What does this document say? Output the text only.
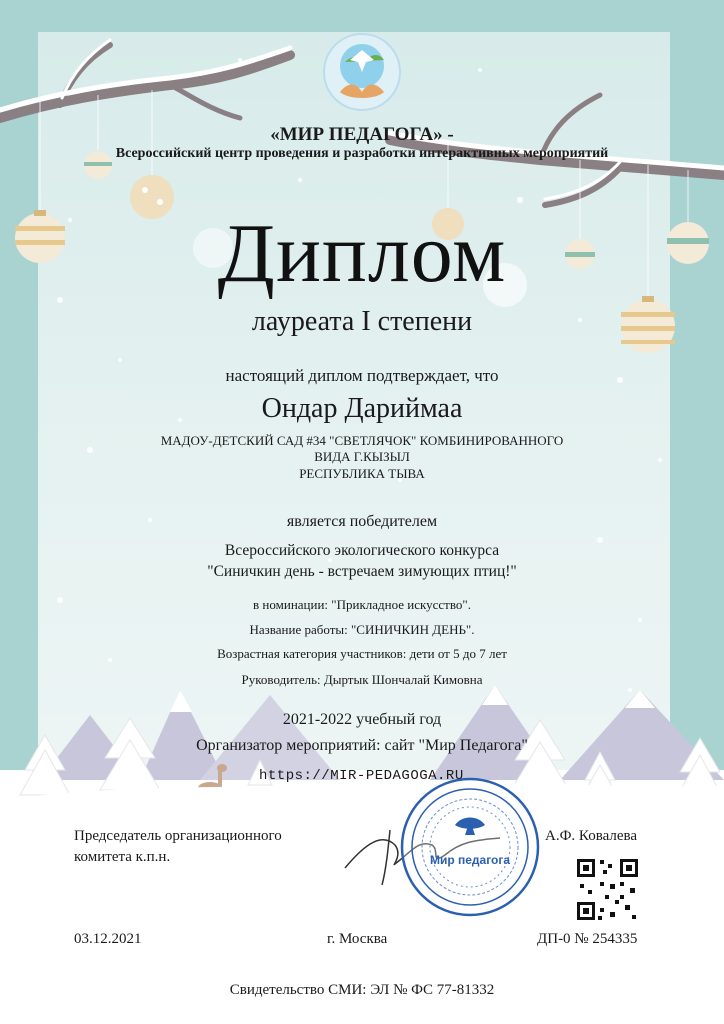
«МИР ПЕДАГОГА» -
Всероссийский центр проведения и разработки интерактивных мероприятий
Диплом
лауреата I степени
настоящий диплом подтверждает, что
Ондар Дариймаа
МАДОУ-ДЕТСКИЙ САД #34 "СВЕТЛЯЧОК" КОМБИНИРОВАННОГО
ВИДА Г.КЫЗЫЛ
РЕСПУБЛИКА ТЫВА
является победителем
Всероссийского экологического конкурса
"Синичкин день - встречаем зимующих птиц!"
в номинации: "Прикладное искусство".
Название работы: "СИНИЧКИН ДЕНЬ".
Возрастная категория участников: дети от 5 до 7 лет
Руководитель: Дыртык Шончалай Кимовна
2021-2022 учебный год
Организатор мероприятий: сайт "Мир Педагога"
https://MIR-PEDAGOGA.RU
Председатель организационного
комитета к.п.н.	Мир педагога
А.Ф. Ковалева
03.12.2021	г. Москва	ДП-0 № 254335
Свидетельство СМИ: ЭЛ № ФС 77-81332
